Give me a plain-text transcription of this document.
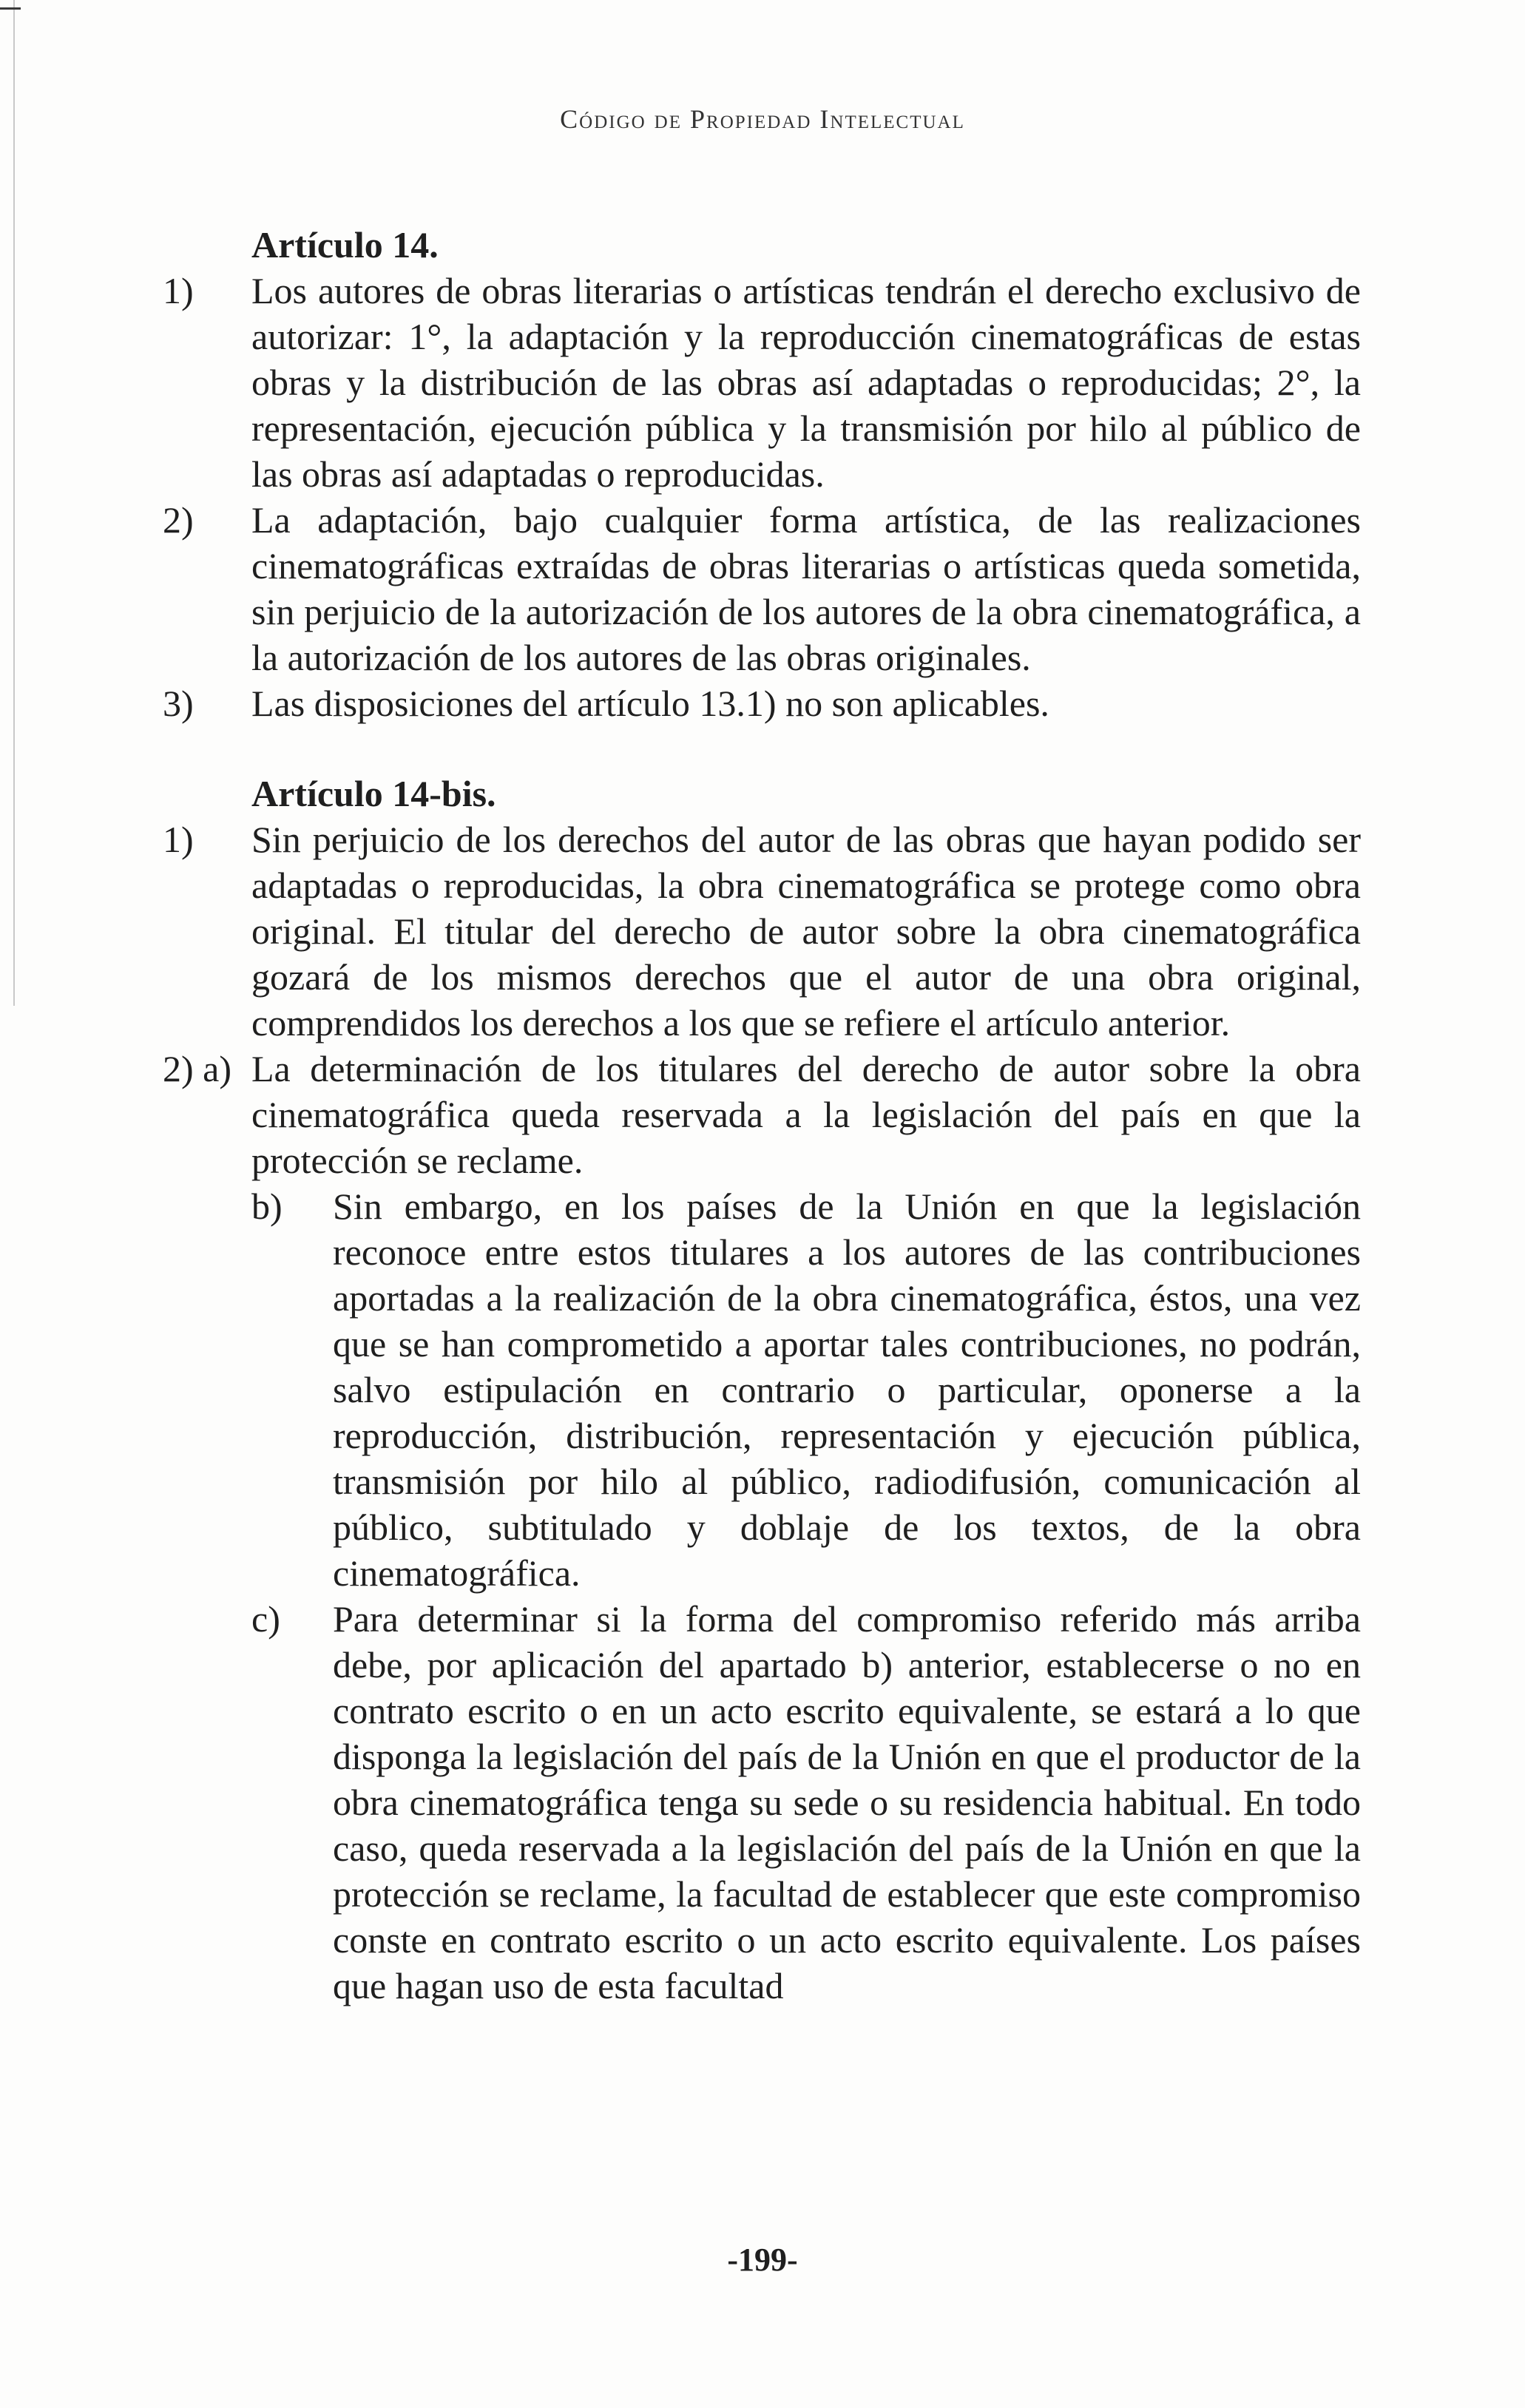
Código de Propiedad Intelectual
Artículo 14.
1) Los autores de obras literarias o artísticas tendrán el derecho exclusivo de autorizar: 1°, la adaptación y la reproducción cinematográficas de estas obras y la distribución de las obras así adaptadas o reproducidas; 2°, la representación, ejecución pública y la transmisión por hilo al público de las obras así adaptadas o reproducidas.
2) La adaptación, bajo cualquier forma artística, de las realizaciones cinematográficas extraídas de obras literarias o artísticas queda sometida, sin perjuicio de la autorización de los autores de la obra cinematográfica, a la autorización de los autores de las obras originales.
3) Las disposiciones del artículo 13.1) no son aplicables.
Artículo 14-bis.
1) Sin perjuicio de los derechos del autor de las obras que hayan podido ser adaptadas o reproducidas, la obra cinematográfica se protege como obra original. El titular del derecho de autor sobre la obra cinematográfica gozará de los mismos derechos que el autor de una obra original, comprendidos los derechos a los que se refiere el artículo anterior.
2) a) La determinación de los titulares del derecho de autor sobre la obra cinematográfica queda reservada a la legislación del país en que la protección se reclame.
b) Sin embargo, en los países de la Unión en que la legislación reconoce entre estos titulares a los autores de las contribuciones aportadas a la realización de la obra cinematográfica, éstos, una vez que se han comprometido a aportar tales contribuciones, no podrán, salvo estipulación en contrario o particular, oponerse a la reproducción, distribución, representación y ejecución pública, transmisión por hilo al público, radiodifusión, comunicación al público, subtitulado y doblaje de los textos, de la obra cinematográfica.
c) Para determinar si la forma del compromiso referido más arriba debe, por aplicación del apartado b) anterior, establecerse o no en contrato escrito o en un acto escrito equivalente, se estará a lo que disponga la legislación del país de la Unión en que el productor de la obra cinematográfica tenga su sede o su residencia habitual. En todo caso, queda reservada a la legislación del país de la Unión en que la protección se reclame, la facultad de establecer que este compromiso conste en contrato escrito o un acto escrito equivalente. Los países que hagan uso de esta facultad
-199-
